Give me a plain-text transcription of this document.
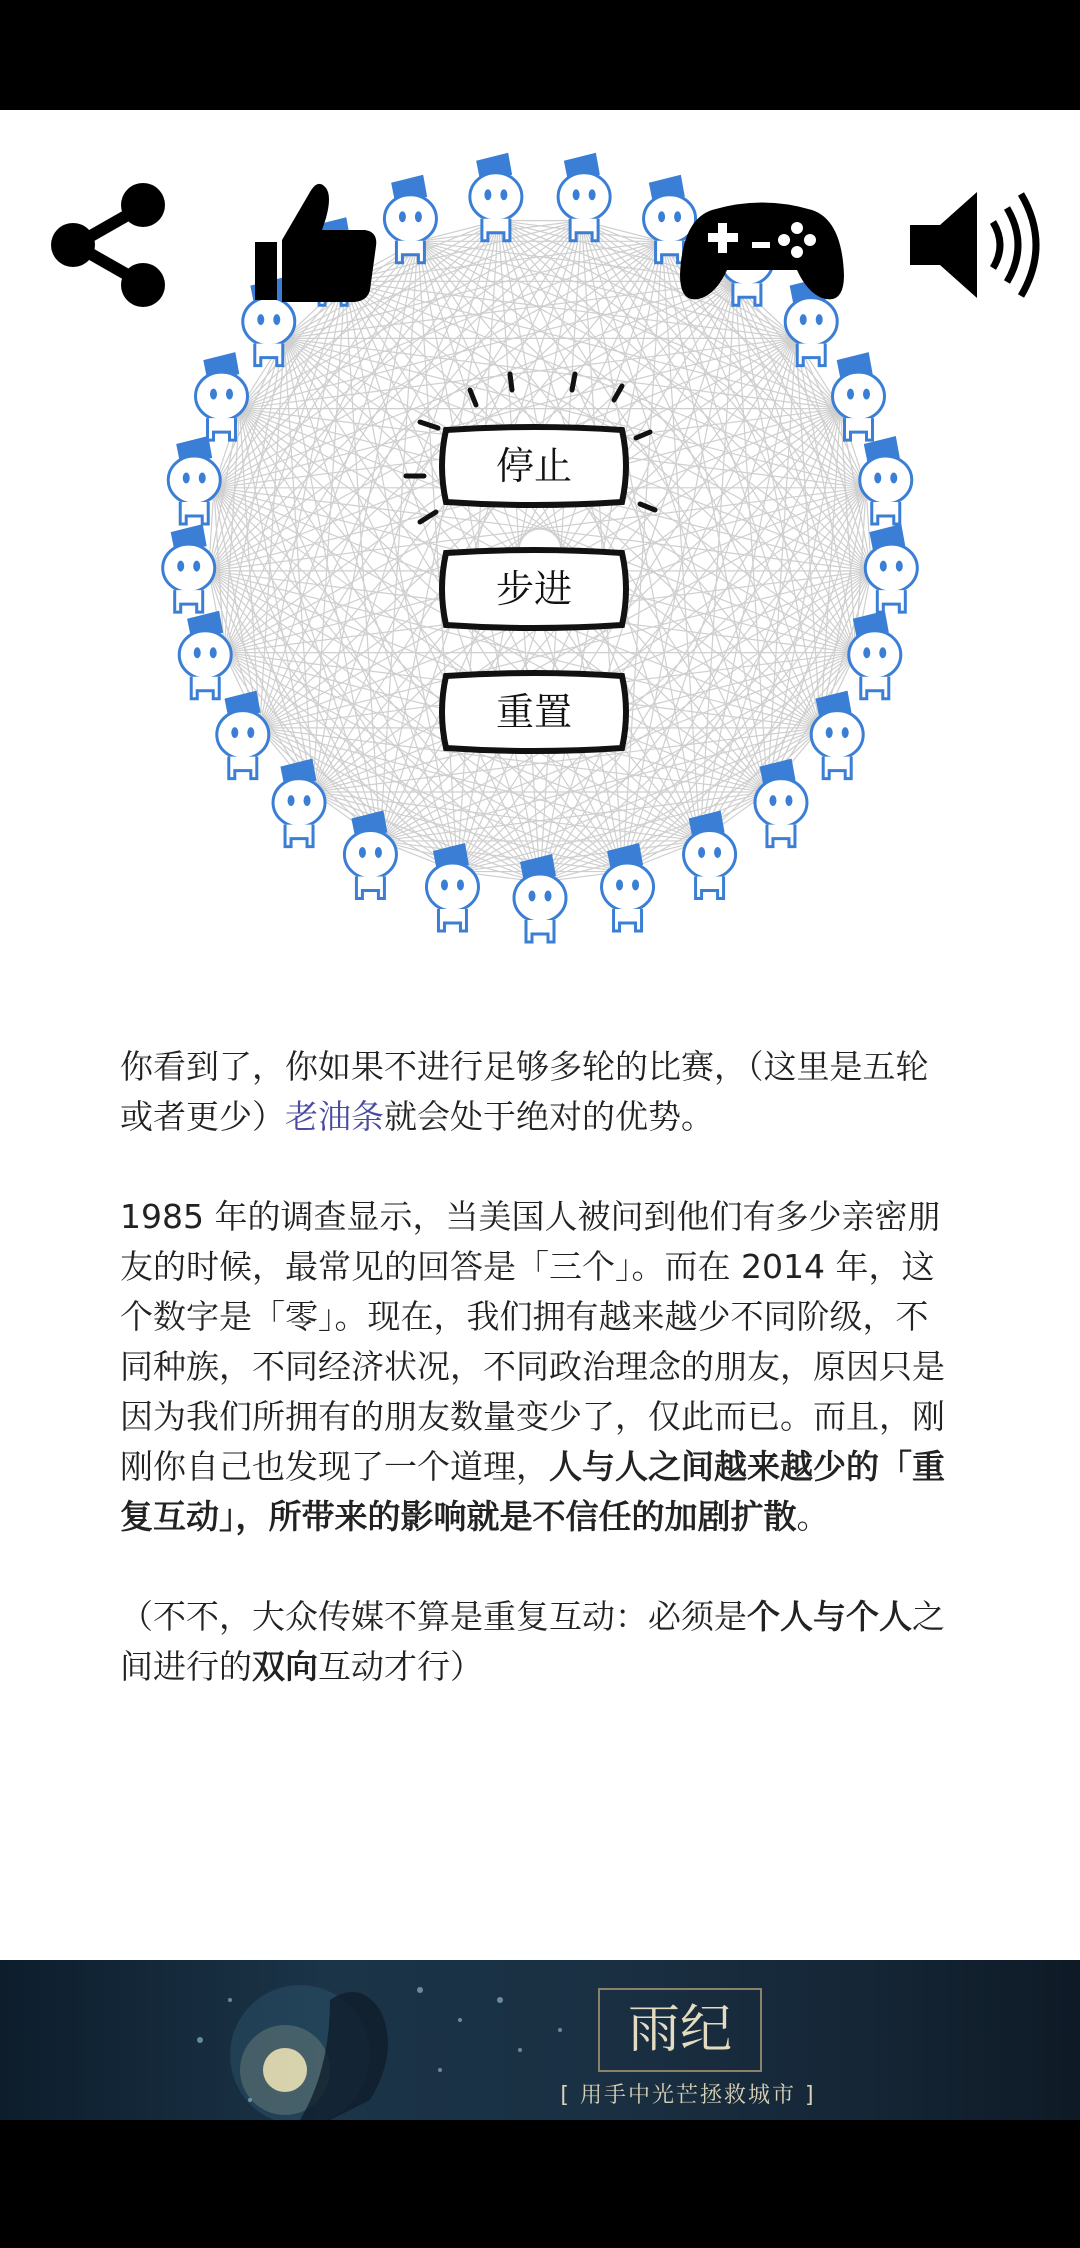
停止
步进
重置

你看到了，你如果不进行足够多轮的比赛，（这里是五轮或者更少）老油条就会处于绝对的优势。

1985 年的调查显示，当美国人被问到他们有多少亲密朋友的时候，最常见的回答是「三个」。而在 2014 年，这个数字是「零」。现在，我们拥有越来越少不同阶级，不同种族，不同经济状况，不同政治理念的朋友，原因只是因为我们所拥有的朋友数量变少了，仅此而已。而且，刚刚你自己也发现了一个道理，人与人之间越来越少的「重复互动」，所带来的影响就是不信任的加剧扩散。

（不不，大众传媒不算是重复互动：必须是个人与个人之间进行的双向互动才行）

雨纪
[ 用手中光芒拯救城市 ]
